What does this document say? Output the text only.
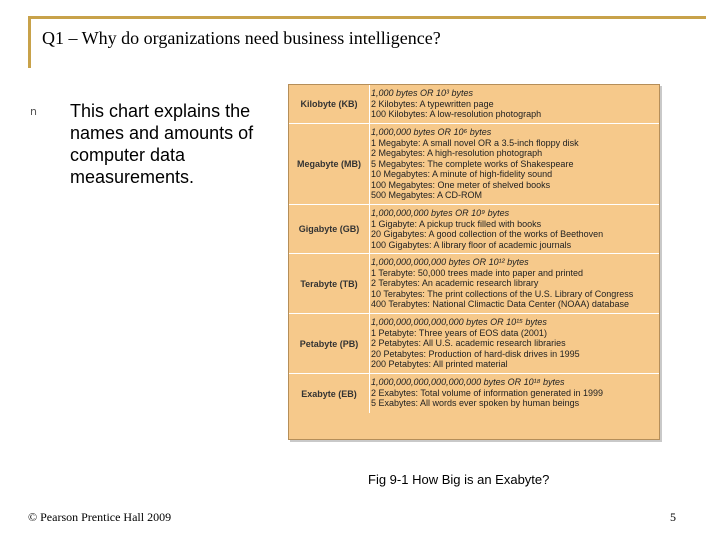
Q1 – Why do organizations need business intelligence?
n This chart explains the names and amounts of computer data measurements.
Kilobyte (KB)
1,000 bytes OR 10³ bytes
2 Kilobytes: A typewritten page
100 Kilobytes: A low-resolution photograph
Megabyte (MB)
1,000,000 bytes OR 10⁶ bytes
1 Megabyte: A small novel OR a 3.5-inch floppy disk
2 Megabytes: A high-resolution photograph
5 Megabytes: The complete works of Shakespeare
10 Megabytes: A minute of high-fidelity sound
100 Megabytes: One meter of shelved books
500 Megabytes: A CD-ROM
Gigabyte (GB)
1,000,000,000 bytes OR 10⁹ bytes
1 Gigabyte: A pickup truck filled with books
20 Gigabytes: A good collection of the works of Beethoven
100 Gigabytes: A library floor of academic journals
Terabyte (TB)
1,000,000,000,000 bytes OR 10¹² bytes
1 Terabyte: 50,000 trees made into paper and printed
2 Terabytes: An academic research library
10 Terabytes: The print collections of the U.S. Library of Congress
400 Terabytes: National Climactic Data Center (NOAA) database
Petabyte (PB)
1,000,000,000,000,000 bytes OR 10¹⁵ bytes
1 Petabyte: Three years of EOS data (2001)
2 Petabytes: All U.S. academic research libraries
20 Petabytes: Production of hard-disk drives in 1995
200 Petabytes: All printed material
Exabyte (EB)
1,000,000,000,000,000,000 bytes OR 10¹⁸ bytes
2 Exabytes: Total volume of information generated in 1999
5 Exabytes: All words ever spoken by human beings
Fig 9-1 How Big is an Exabyte?
© Pearson Prentice Hall 2009	5
